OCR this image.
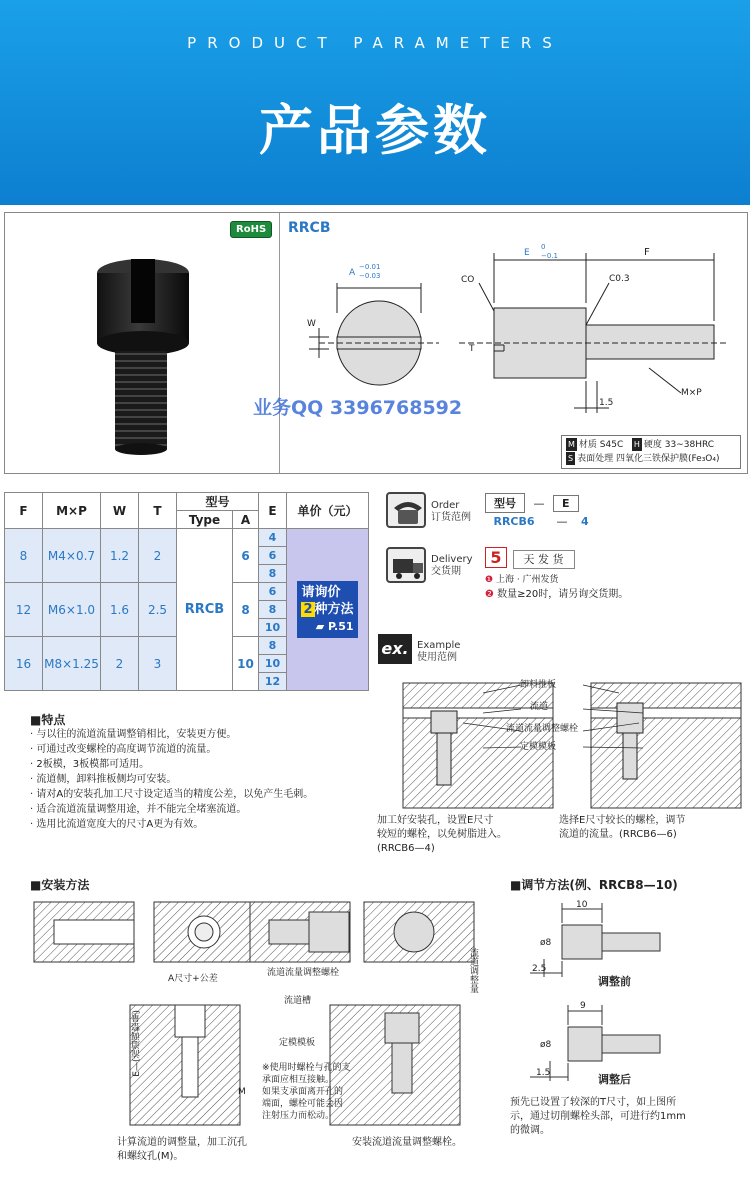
PRODUCT PARAMETERS
产品参数
RoHS	RRCB
A
−0.01
−0.03
E
0
−0.1	F
W
T
CO	C0.3
M×P
1.5
业务QQ 3396768592
M 材质 S45C H 硬度 33∼38HRC
S 表面处理 四氧化三铁保护膜(Fe₃O₄)
F	M×P	W	T	型号		E	单价（元）
				Type	A		
8	M4×0.7	1.2	2	RRCB	6	4	请询价
2 种方法
▰ P.51

						6	
						8	
12	M6×1.0	1.6	2.5		8	6	
						8	
						10	
16	M8×1.25	2	3		10	8	
						10	
						12	
Order
订货范例
型号 — E
RRCB6 — 4
Delivery
交货期
5 天 发 货
❶ 上海 · 广州发货
❷ 数量≥20时，请另询交货期。
ex. Example
使用范例
卸料推板
流道
流道流量调整螺栓
定模模板
加工好安装孔，设置E尺寸
较短的螺栓，以免树脂进入。
(RRCB6—4)
选择E尺寸较长的螺栓，调节
流道的流量。(RRCB6—6)
■特点
· 与以往的流道流量调整销相比，安装更方便。
· 可通过改变螺栓的高度调节流道的流量。
· 2板模，3板模都可适用。
· 流道侧，卸料推板侧均可安装。
· 请对A的安装孔加工尺寸设定适当的精度公差，以免产生毛刺。
· 适合流道流量调整用途，并不能完全堵塞流道。
· 选用比流道宽度大的尺寸A更为有效。
■安装方法
A尺寸+公差
流道流量调整螺栓
流道槽
定模模板
流道调整量
E—(流道调整量)
M
※使用时螺栓与孔的支
承面应相互接触。
如果支承面离开孔的
端面，螺栓可能会因
注射压力而松动。
计算流道的调整量，加工沉孔
和螺纹孔(M)。
安装流道流量调整螺栓。
■调节方法(例、RRCB8—10)
10
2.5
ø8
调整前
9
1.5
ø8
调整后
预先已设置了较深的T尺寸，如上图所
示，通过切削螺栓头部，可进行约1mm
的微调。
